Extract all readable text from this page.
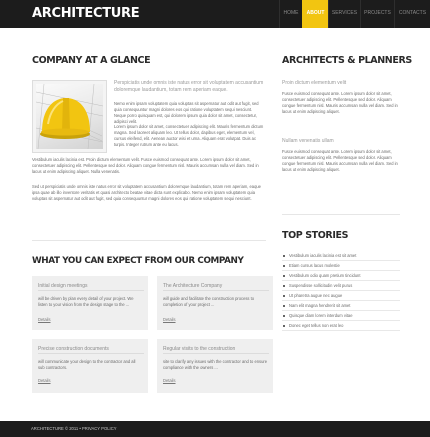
ARCHITECTURE	HOME	ABOUT	SERVICES	PROJECTS	CONTACTS
COMPANY AT A GLANCE
Perspiciatis unde omnis iste natus error sit voluptatem accusantium doloremque laudantium, totam rem aperiam eaque.
Nemo enim ipsam voluptatem quia voluptas sit aspernatur aut odit aut fugit, sed quia consequuntur magni dolores eos qui ratione voluptatem sequi nesciunt. Neque porro quisquam est, qui dolorem ipsum quia dolor sit amet, consectetur, adipisci velit.
Lorem ipsum dolor sit amet, consectetuer adipiscing elit. Mauris fermentum dictum magna. Sed laoreet aliquam leo. Ut tellus dolor, dapibus eget, elementum vel, cursus eleifend, elit. Aenean auctor wisi et urna. Aliquam erat volutpat. Duis ac turpis. Integer rutrum ante eu lacus.
Vestibulum iaculis lacinia est. Proin dictum elementum velit. Fusce euismod consequat ante. Lorem ipsum dolor sit amet, consectetuer adipiscing elit. Pellentesque sed dolor. Aliquam congue fermentum nisl. Mauris accumsan nulla vel diam. Sed in lacus ut enim adipiscing aliquet. Nulla venenatis.
Sed ut perspiciatis unde omnis iste natus error sit voluptatem accusantium doloremque laudantium, totam rem aperiam, eaque ipsa quae ab illo inventore veritatis et quasi architecto beatae vitae dicta sunt explicabo. Nemo enim ipsam voluptatem quia voluptas sit aspernatur aut odit aut fugit, sed quia consequuntur magni dolores eos qui ratione voluptatem sequi nesciunt.
WHAT YOU CAN EXPECT FROM OUR COMPANY
Initial design meetings
will be driven by plan every detail of your project. We listen to your vision from the design stage to the ...
Details
The Architecture Company
will guide and facilitate the construction process to completion of your project ...
Details
Precise construction documents
will communicate your design to the contractor and all sub contractors.
Details
Regular visits to the construction
site to clarify any issues with the contractor and to ensure compliance with the owners ...
Details
ARCHITECTS & PLANNERS
Proin dictum elementum velit
Fusce euismod consequat ante. Lorem ipsum dolor sit amet, consectetuer adipiscing elit. Pellentesque sed dolor. Aliquam congue fermentum nisl. Mauris accumsan nulla vel diam. Sed in lacus ut enim adipiscing aliquet.
Nullam venenatis ullam
Fusce euismod consequat ante. Lorem ipsum dolor sit amet, consectetuer adipiscing elit. Pellentesque sed dolor. Aliquam congue fermentum nisl. Mauris accumsan nulla vel diam. Sed in lacus ut enim adipiscing aliquet.
TOP STORIES
Vestibulum iaculis lacinia est sit amet
Etiam cursus lacus molestie
Vestibulum odio quam pretium tincidunt
Suspendisse sollicitudin velit purus
Ut pharetra augue nec augue
Nam elit magna hendrerit sit amet
Quisque diam lorem interdum vitae
Donec eget tellus non erat leo
ARCHITECTURE © 2011 • PRIVACY POLICY
